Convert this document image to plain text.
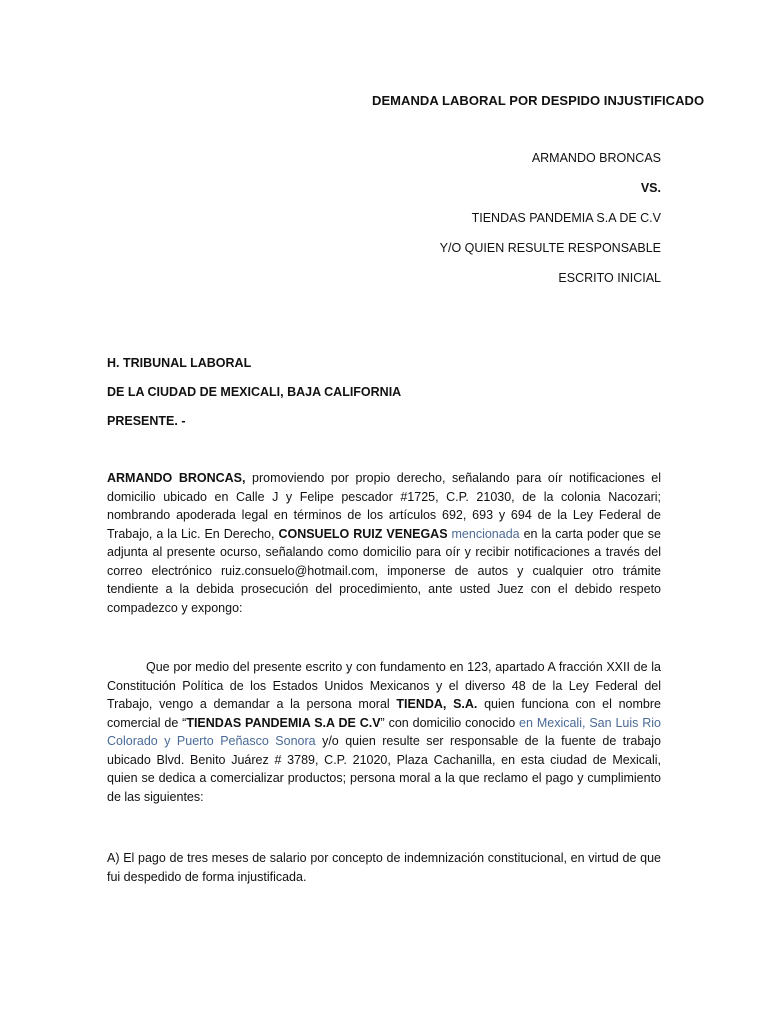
DEMANDA LABORAL POR DESPIDO INJUSTIFICADO
ARMANDO BRONCAS
VS.
TIENDAS PANDEMIA S.A DE C.V
Y/O QUIEN RESULTE RESPONSABLE
ESCRITO INICIAL
H. TRIBUNAL LABORAL
DE LA CIUDAD DE MEXICALI, BAJA CALIFORNIA
PRESENTE. -

ARMANDO BRONCAS, promoviendo por propio derecho, señalando para oír notificaciones el domicilio ubicado en Calle J y Felipe pescador #1725, C.P. 21030, de la colonia Nacozari; nombrando apoderada legal en términos de los artículos 692, 693 y 694 de la Ley Federal de Trabajo, a la Lic. En Derecho, CONSUELO RUIZ VENEGAS mencionada en la carta poder que se adjunta al presente ocurso, señalando como domicilio para oír y recibir notificaciones a través del correo electrónico ruiz.consuelo@hotmail.com, imponerse de autos y cualquier otro trámite tendiente a la debida prosecución del procedimiento, ante usted Juez con el debido respeto compadezco y expongo:

Que por medio del presente escrito y con fundamento en 123, apartado A fracción XXII de la Constitución Política de los Estados Unidos Mexicanos y el diverso 48 de la Ley Federal del Trabajo, vengo a demandar a la persona moral TIENDA, S.A. quien funciona con el nombre comercial de “TIENDAS PANDEMIA S.A DE C.V” con domicilio conocido en Mexicali, San Luis Rio Colorado y Puerto Peñasco Sonora y/o quien resulte ser responsable de la fuente de trabajo ubicado Blvd. Benito Juárez # 3789, C.P. 21020, Plaza Cachanilla, en esta ciudad de Mexicali, quien se dedica a comercializar productos; persona moral a la que reclamo el pago y cumplimiento de las siguientes:

A) El pago de tres meses de salario por concepto de indemnización constitucional, en virtud de que fui despedido de forma injustificada.
